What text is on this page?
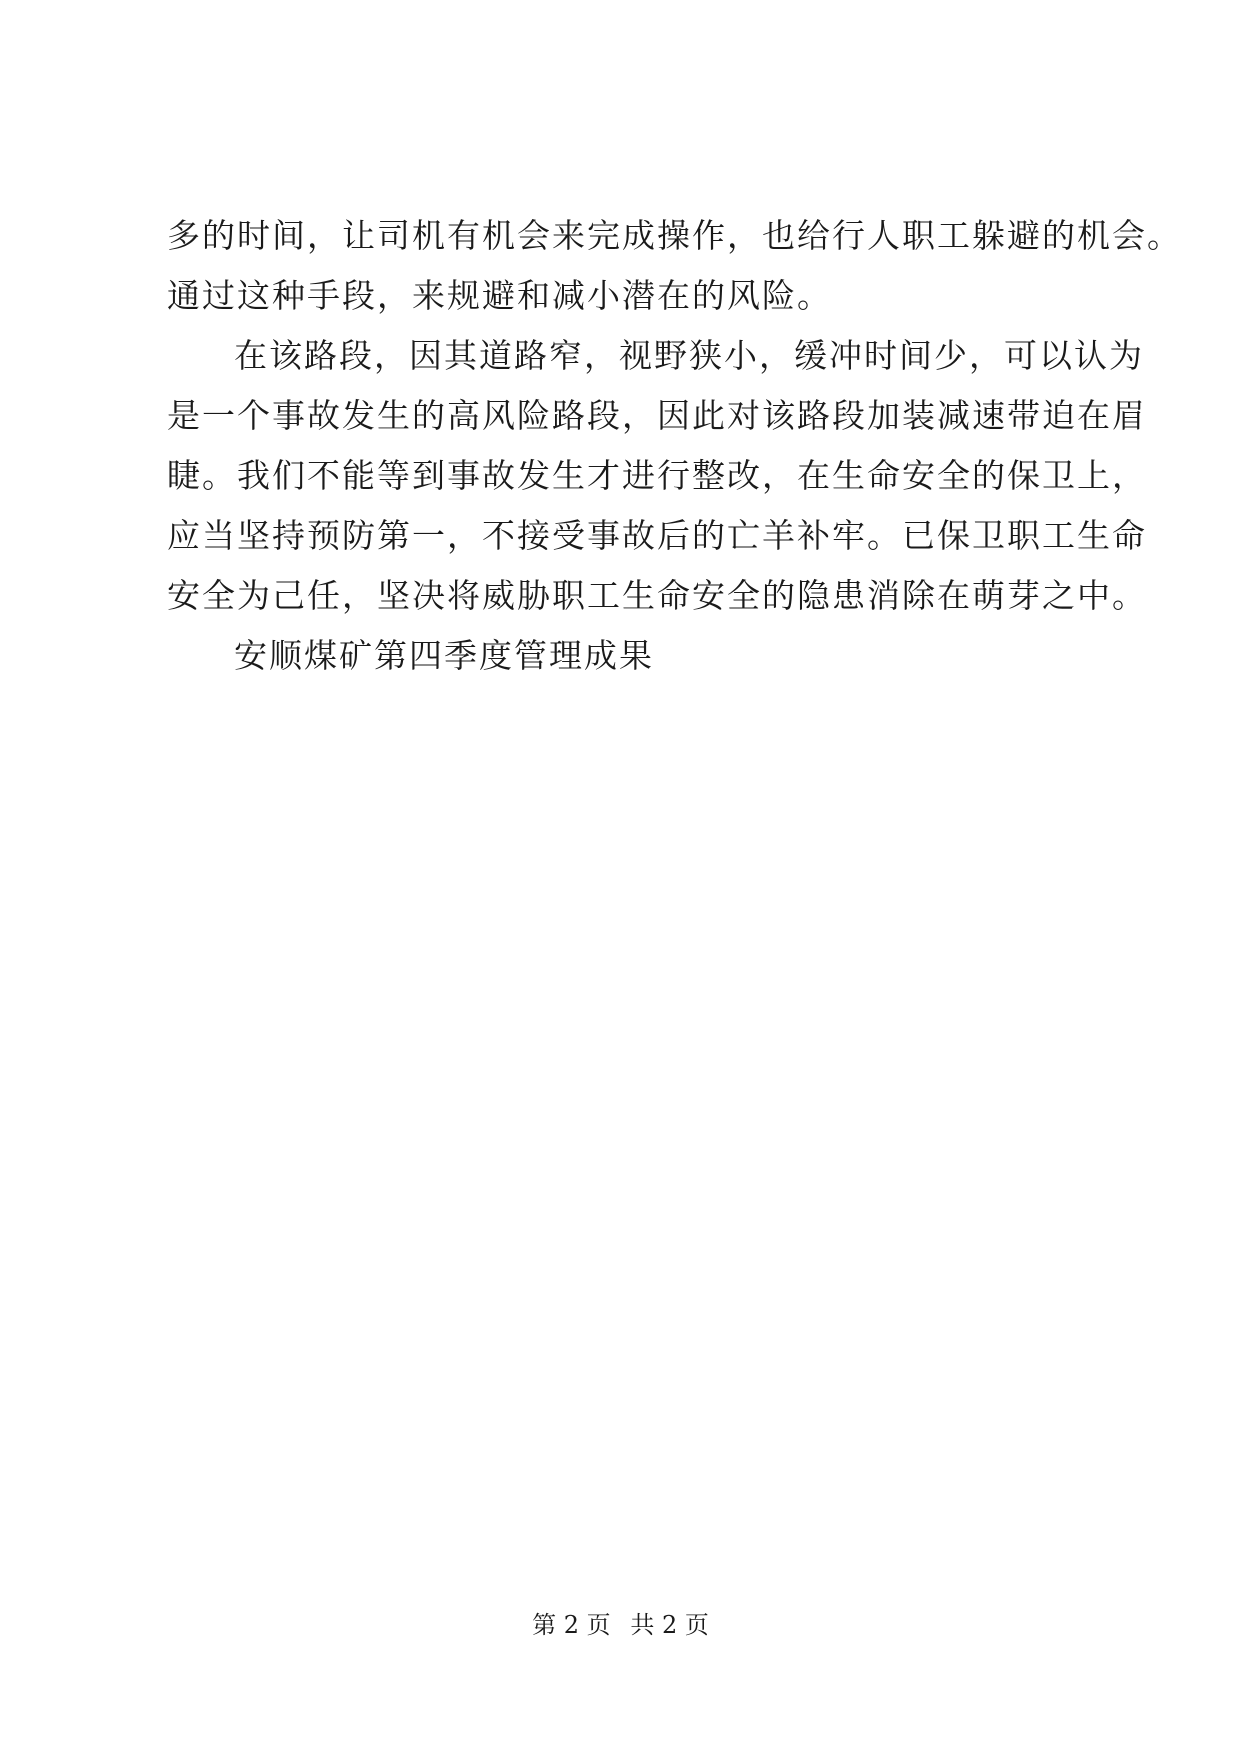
多的时间，让司机有机会来完成操作，也给行人职工躲避的机会。
通过这种手段，来规避和减小潜在的风险。
在该路段，因其道路窄，视野狭小，缓冲时间少，可以认为
是一个事故发生的高风险路段，因此对该路段加装减速带迫在眉
睫。我们不能等到事故发生才进行整改，在生命安全的保卫上，
应当坚持预防第一，不接受事故后的亡羊补牢。已保卫职工生命
安全为己任，坚决将威胁职工生命安全的隐患消除在萌芽之中。
安顺煤矿第四季度管理成果
第 2 页 共 2 页
